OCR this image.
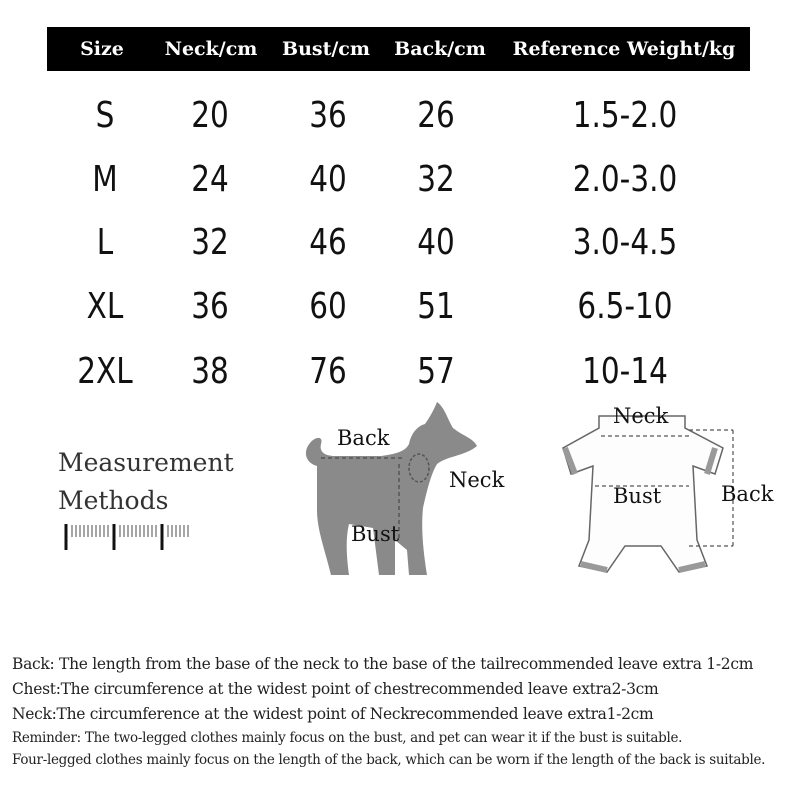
Size	Neck/cm	Bust/cm	Back/cm	Reference Weight/kg
S	20	36	26	1.5-2.0
M	24	40	32	2.0-3.0
L	32	46	40	3.0-4.5
XL	36	60	51	6.5-10
2XL	38	76	57	10-14
Measurement
Methods
Back
Neck
Bust
Neck
Bust	Back
Back: The length from the base of the neck to the base of the tailrecommended leave extra 1-2cm
Chest:The circumference at the widest point of chestrecommended leave extra2-3cm
Neck:The circumference at the widest point of Neckrecommended leave extra1-2cm
Reminder: The two-legged clothes mainly focus on the bust, and pet can wear it if the bust is suitable.
Four-legged clothes mainly focus on the length of the back, which can be worn if the length of the back is suitable.
